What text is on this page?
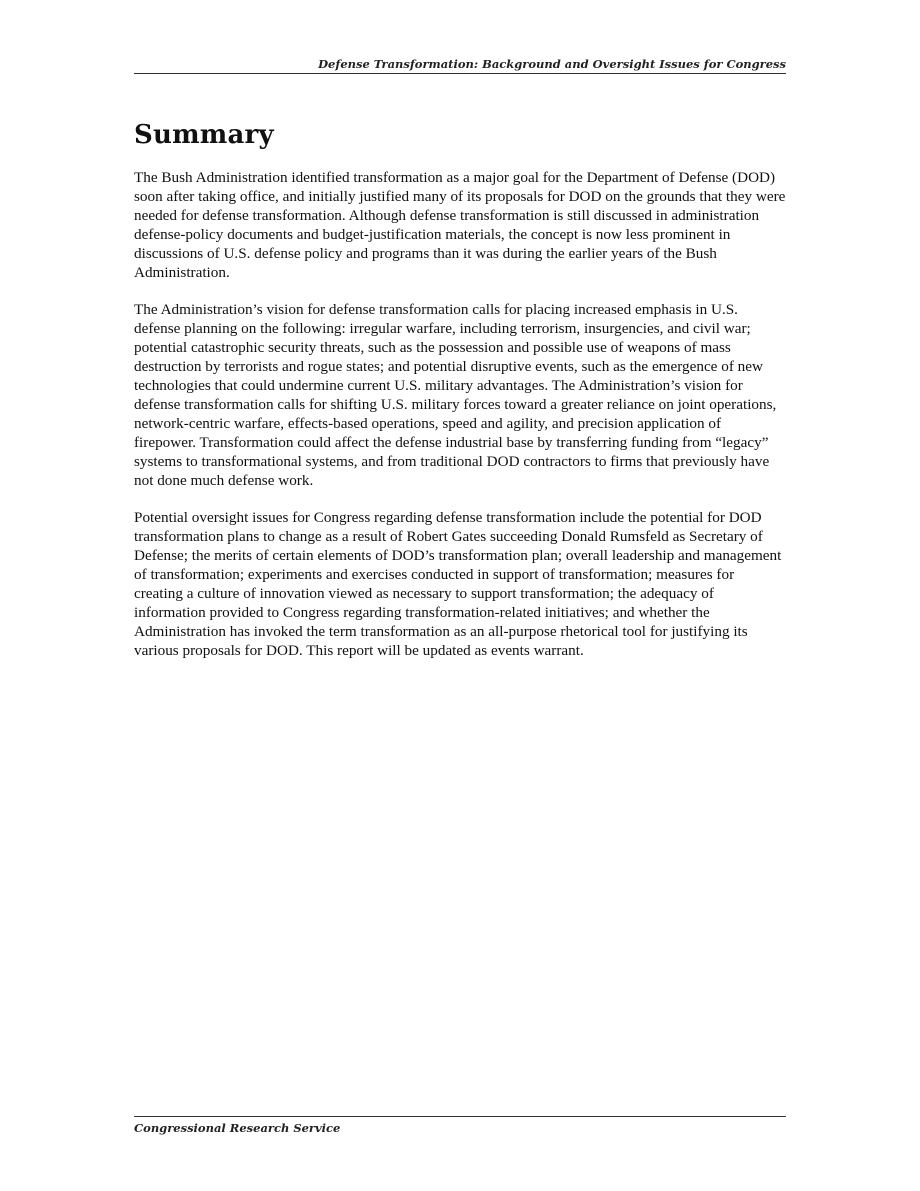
Defense Transformation: Background and Oversight Issues for Congress
Summary

The Bush Administration identified transformation as a major goal for the Department of Defense (DOD) soon after taking office, and initially justified many of its proposals for DOD on the grounds that they were needed for defense transformation. Although defense transformation is still discussed in administration defense-policy documents and budget-justification materials, the concept is now less prominent in discussions of U.S. defense policy and programs than it was during the earlier years of the Bush Administration.

The Administration’s vision for defense transformation calls for placing increased emphasis in U.S. defense planning on the following: irregular warfare, including terrorism, insurgencies, and civil war; potential catastrophic security threats, such as the possession and possible use of weapons of mass destruction by terrorists and rogue states; and potential disruptive events, such as the emergence of new technologies that could undermine current U.S. military advantages. The Administration’s vision for defense transformation calls for shifting U.S. military forces toward a greater reliance on joint operations, network-centric warfare, effects-based operations, speed and agility, and precision application of firepower. Transformation could affect the defense industrial base by transferring funding from “legacy” systems to transformational systems, and from traditional DOD contractors to firms that previously have not done much defense work.

Potential oversight issues for Congress regarding defense transformation include the potential for DOD transformation plans to change as a result of Robert Gates succeeding Donald Rumsfeld as Secretary of Defense; the merits of certain elements of DOD’s transformation plan; overall leadership and management of transformation; experiments and exercises conducted in support of transformation; measures for creating a culture of innovation viewed as necessary to support transformation; the adequacy of information provided to Congress regarding transformation-related initiatives; and whether the Administration has invoked the term transformation as an all-purpose rhetorical tool for justifying its various proposals for DOD. This report will be updated as events warrant.

Congressional Research Service
